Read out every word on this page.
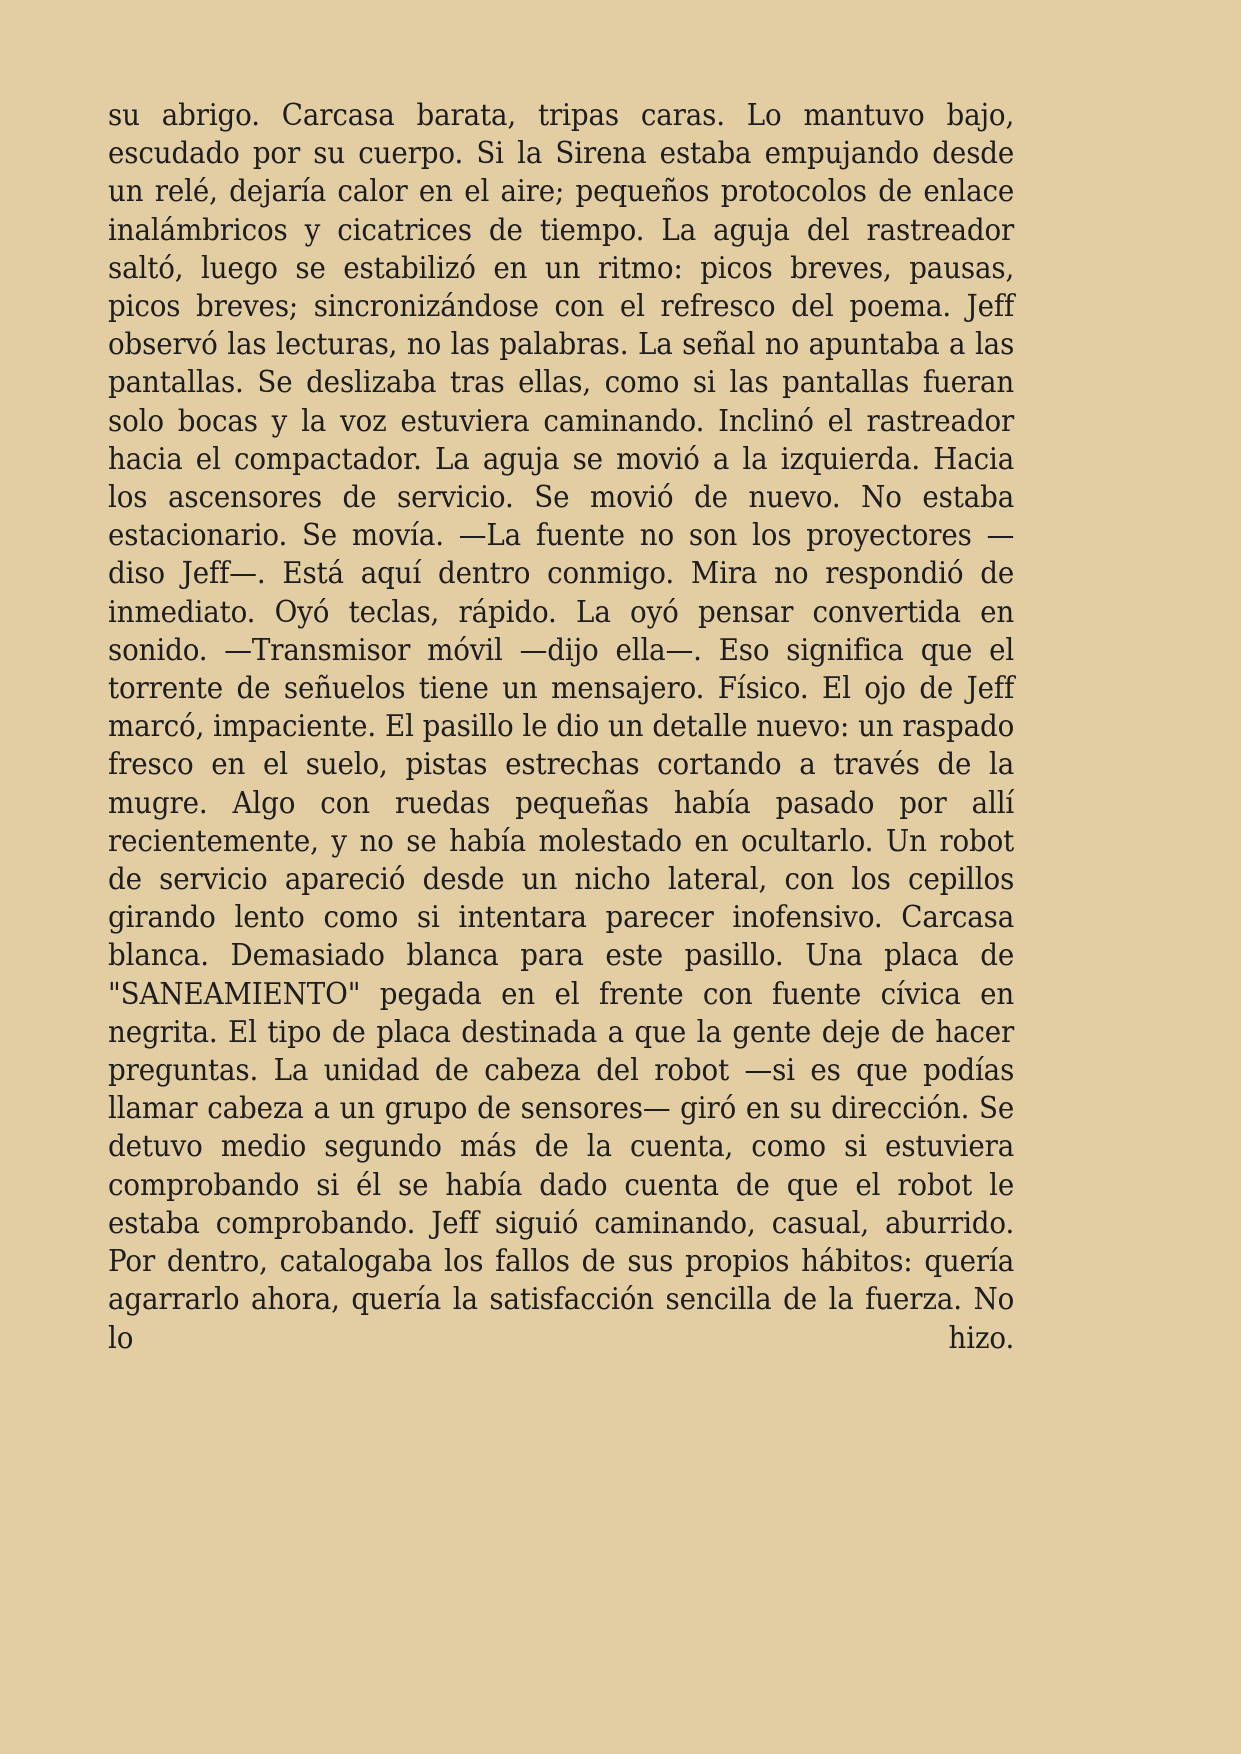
su abrigo. Carcasa barata, tripas caras. Lo mantuvo bajo, escudado por su cuerpo. Si la Sirena estaba empujando desde un relé, dejaría calor en el aire; pequeños protocolos de enlace inalámbricos y cicatrices de tiempo. La aguja del rastreador saltó, luego se estabilizó en un ritmo: picos breves, pausas, picos breves; sincronizándose con el refresco del poema. Jeff observó las lecturas, no las palabras. La señal no apuntaba a las pantallas. Se deslizaba tras ellas, como si las pantallas fueran solo bocas y la voz estuviera caminando. Inclinó el rastreador hacia el compactador. La aguja se movió a la izquierda. Hacia los ascensores de servicio. Se movió de nuevo. No estaba estacionario. Se movía. —La fuente no son los proyectores —diso Jeff—. Está aquí dentro conmigo. Mira no respondió de inmediato. Oyó teclas, rápido. La oyó pensar convertida en sonido. —Transmisor móvil —dijo ella—. Eso significa que el torrente de señuelos tiene un mensajero. Físico. El ojo de Jeff marcó, impaciente. El pasillo le dio un detalle nuevo: un raspado fresco en el suelo, pistas estrechas cortando a través de la mugre. Algo con ruedas pequeñas había pasado por allí recientemente, y no se había molestado en ocultarlo. Un robot de servicio apareció desde un nicho lateral, con los cepillos girando lento como si intentara parecer inofensivo. Carcasa blanca. Demasiado blanca para este pasillo. Una placa de "SANEAMIENTO" pegada en el frente con fuente cívica en negrita. El tipo de placa destinada a que la gente deje de hacer preguntas. La unidad de cabeza del robot —si es que podías llamar cabeza a un grupo de sensores— giró en su dirección. Se detuvo medio segundo más de la cuenta, como si estuviera comprobando si él se había dado cuenta de que el robot le estaba comprobando. Jeff siguió caminando, casual, aburrido. Por dentro, catalogaba los fallos de sus propios hábitos: quería agarrarlo ahora, quería la satisfacción sencilla de la fuerza. No lo hizo.
